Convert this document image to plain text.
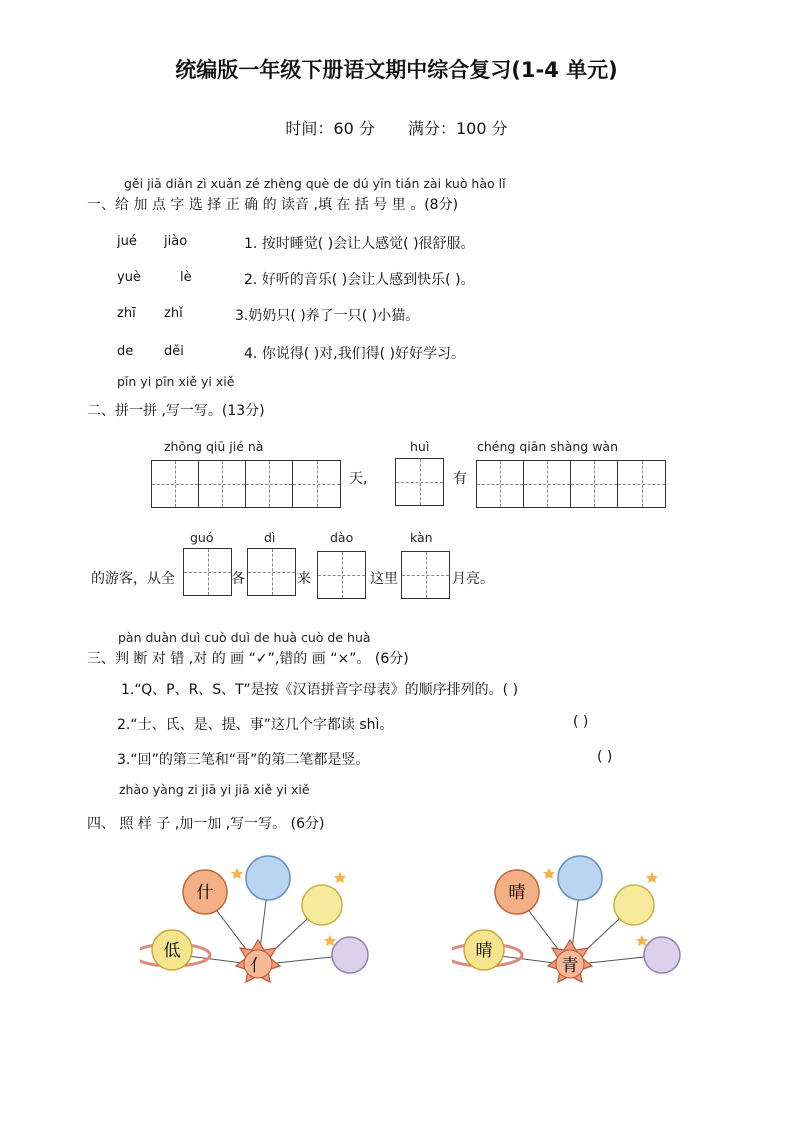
统编版一年级下册语文期中综合复习(1-4 单元)
时间：60 分 满分：100 分
gěi jiā diǎn zì xuǎn zé zhèng què de dú yīn tián zài kuò hào lǐ
一、给 加 点 字 选 择 正 确 的 读音 ,填 在 括 号 里 。(8分)
jué jiào	1. 按时睡觉( )会让人感觉( )很舒服。
yuè	lè	2. 好听的音乐( )会让人感到快乐( )。
zhī zhǐ	3.奶奶只( )养了一只( )小猫。
de děi	4. 你说得( )对,我们得( )好好学习。
pīn yi pīn xiě yi xiě
二、拼一拼 ,写一写。(13分)
zhōng qiū jié nà
天,
huì
有
chéng qiān shàng wàn
guó	dì	dào	kàn
的游客，从全	各	来	这里	月亮。
pàn duàn duì cuò duì de huà cuò de huà
三、判 断 对 错 ,对 的 画 “✓”,错的 画 “×”。 (6分)
1.“Q、P、R、S、T”是按《汉语拼音字母表》的顺序排列的。( )
2.“士、氏、是、提、事”这几个字都读 shì。	( )
3.“回”的第三笔和“哥”的第二笔都是竖。	( )
zhào yàng zi jiā yi jiā xiě yi xiě
四、 照 样 子 ,加一加 ,写一写。 (6分)
亻
什
低
青
晴
晴
